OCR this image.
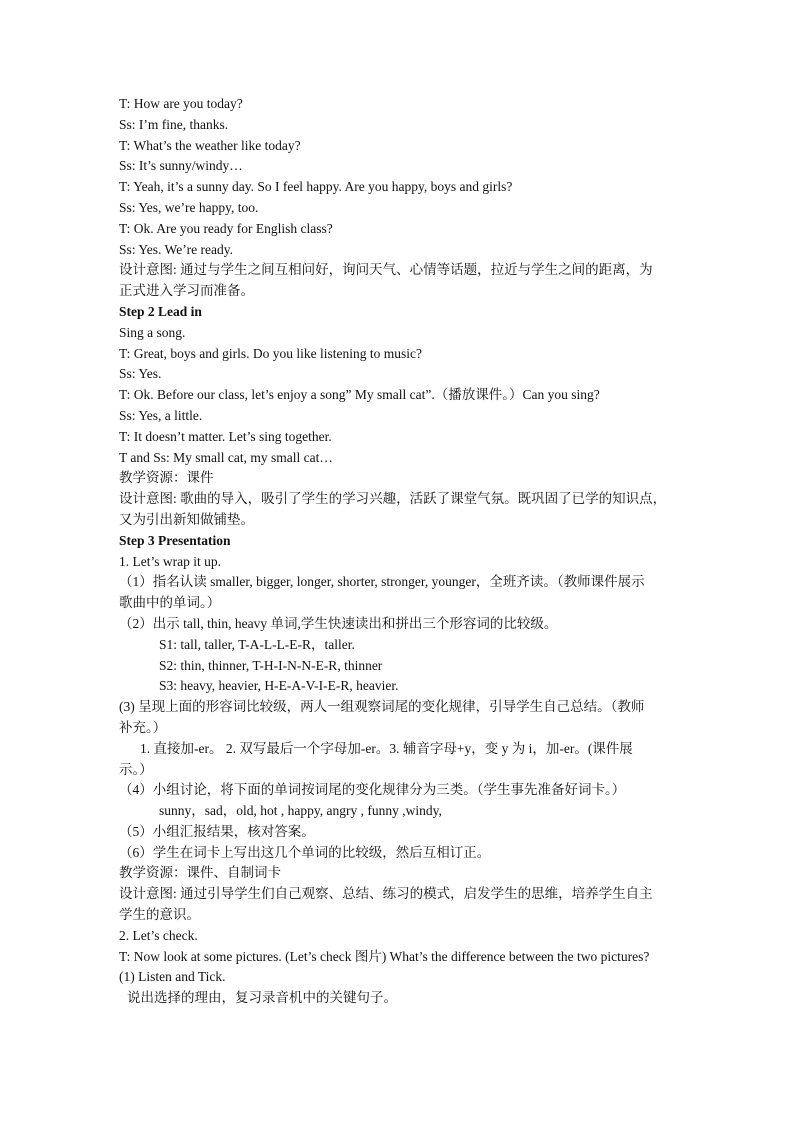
T: How are you today?
Ss: I’m fine, thanks.
T: What’s the weather like today?
Ss: It’s sunny/windy…
T: Yeah, it’s a sunny day. So I feel happy. Are you happy, boys and girls?
Ss: Yes, we’re happy, too.
T: Ok. Are you ready for English class?
Ss: Yes. We’re ready.
设计意图: 通过与学生之间互相问好，询问天气、心情等话题，拉近与学生之间的距离，为
正式进入学习而准备。
Step 2 Lead in
Sing a song.
T: Great, boys and girls. Do you like listening to music?
Ss: Yes.
T: Ok. Before our class, let’s enjoy a song” My small cat”.（播放课件。）Can you sing?
Ss: Yes, a little.
T: It doesn’t matter. Let’s sing together.
T and Ss: My small cat, my small cat…
教学资源：课件
设计意图: 歌曲的导入，吸引了学生的学习兴趣，活跃了课堂气氛。既巩固了已学的知识点，
又为引出新知做铺垫。
Step 3 Presentation
1. Let’s wrap it up.
（1）指名认读 smaller, bigger, longer, shorter, stronger, younger，全班齐读。（教师课件展示
歌曲中的单词。）
（2）出示 tall, thin, heavy 单词,学生快速读出和拼出三个形容词的比较级。
S1: tall, taller, T-A-L-L-E-R，taller.
S2: thin, thinner, T-H-I-N-N-E-R, thinner
S3: heavy, heavier, H-E-A-V-I-E-R, heavier.
(3) 呈现上面的形容词比较级，两人一组观察词尾的变化规律，引导学生自己总结。（教师
补充。）
1. 直接加-er。 2. 双写最后一个字母加-er。3. 辅音字母+y，变 y 为 i，加-er。(课件展
示。）
（4）小组讨论，将下面的单词按词尾的变化规律分为三类。（学生事先准备好词卡。）
sunny，sad，old, hot , happy, angry , funny ,windy,
（5）小组汇报结果，核对答案。
（6）学生在词卡上写出这几个单词的比较级，然后互相订正。
教学资源：课件、自制词卡
设计意图: 通过引导学生们自己观察、总结、练习的模式，启发学生的思维，培养学生自主
学生的意识。
2. Let’s check.
T: Now look at some pictures. (Let’s check 图片) What’s the difference between the two pictures?
(1) Listen and Tick.
说出选择的理由，复习录音机中的关键句子。
